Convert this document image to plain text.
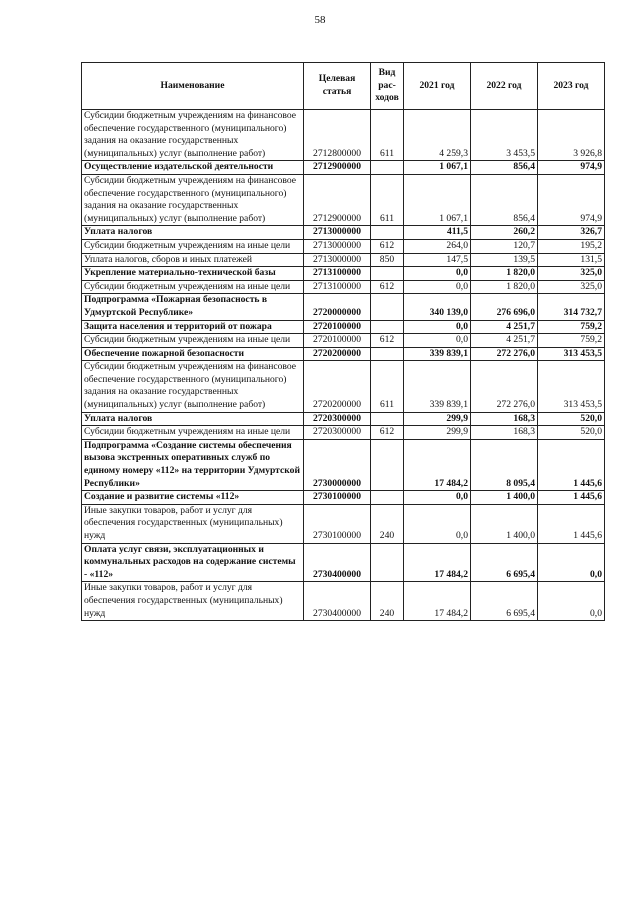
58
Наименование	Целевая статья	Вид рас- ходов	2021 год	2022 год	2023 год
Субсидии бюджетным учреждениям на финансовое обеспечение государственного (муниципального) задания на оказание государственных (муниципальных) услуг (выполнение работ)	2712800000	611	4 259,3	3 453,5	3 926,8
Осуществление издательской деятельности	2712900000		1 067,1	856,4	974,9
Субсидии бюджетным учреждениям на финансовое обеспечение государственного (муниципального) задания на оказание государственных (муниципальных) услуг (выполнение работ)	2712900000	611	1 067,1	856,4	974,9
Уплата налогов	2713000000		411,5	260,2	326,7
Субсидии бюджетным учреждениям на иные цели	2713000000	612	264,0	120,7	195,2
Уплата налогов, сборов и иных платежей	2713000000	850	147,5	139,5	131,5
Укрепление материально-технической базы	2713100000		0,0	1 820,0	325,0
Субсидии бюджетным учреждениям на иные цели	2713100000	612	0,0	1 820,0	325,0
Подпрограмма «Пожарная безопасность в Удмуртской Республике»	2720000000		340 139,0	276 696,0	314 732,7
Защита населения и территорий от пожара	2720100000		0,0	4 251,7	759,2
Субсидии бюджетным учреждениям на иные цели	2720100000	612	0,0	4 251,7	759,2
Обеспечение пожарной безопасности	2720200000		339 839,1	272 276,0	313 453,5
Субсидии бюджетным учреждениям на финансовое обеспечение государственного (муниципального) задания на оказание государственных (муниципальных) услуг (выполнение работ)	2720200000	611	339 839,1	272 276,0	313 453,5
Уплата налогов	2720300000		299,9	168,3	520,0
Субсидии бюджетным учреждениям на иные цели	2720300000	612	299,9	168,3	520,0
Подпрограмма «Создание системы обеспечения вызова экстренных оперативных служб по единому номеру «112» на территории Удмуртской Республики»	2730000000		17 484,2	8 095,4	1 445,6
Создание и развитие системы «112»	2730100000		0,0	1 400,0	1 445,6
Иные закупки товаров, работ и услуг для обеспечения государственных (муниципальных) нужд	2730100000	240	0,0	1 400,0	1 445,6
Оплата услуг связи, эксплуатационных и коммунальных расходов на содержание системы - «112»	2730400000		17 484,2	6 695,4	0,0
Иные закупки товаров, работ и услуг для обеспечения государственных (муниципальных) нужд	2730400000	240	17 484,2	6 695,4	0,0
